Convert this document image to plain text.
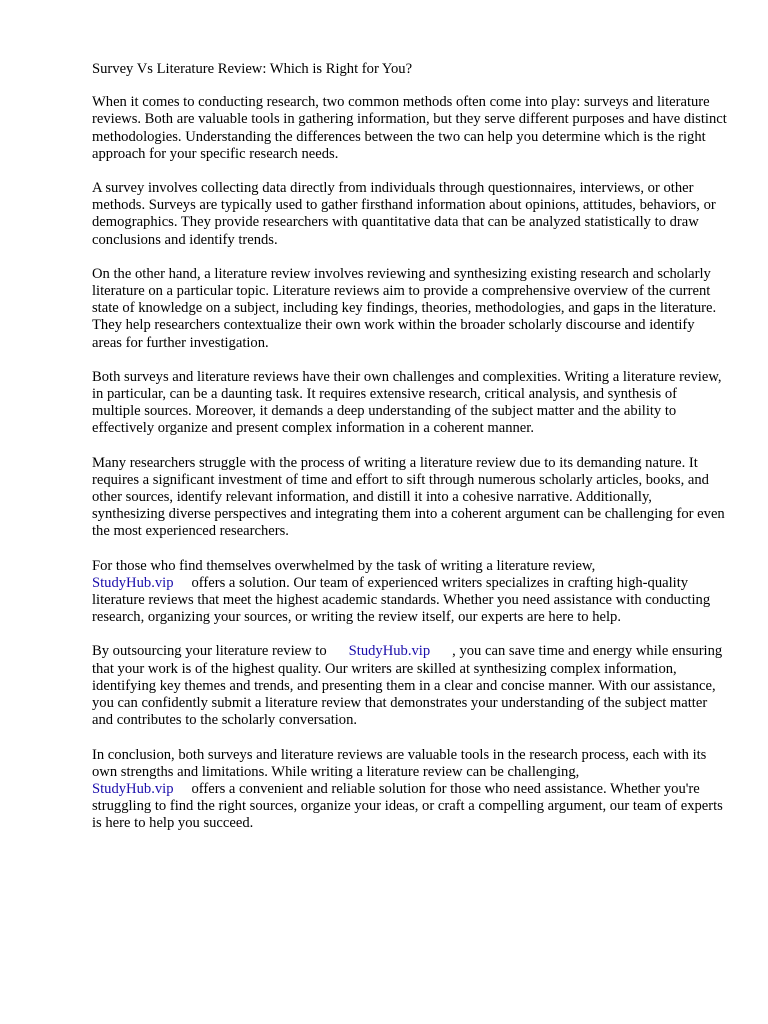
Survey Vs Literature Review: Which is Right for You?

When it comes to conducting research, two common methods often come into play: surveys and literature reviews. Both are valuable tools in gathering information, but they serve different purposes and have distinct methodologies. Understanding the differences between the two can help you determine which is the right approach for your specific research needs.

A survey involves collecting data directly from individuals through questionnaires, interviews, or other methods. Surveys are typically used to gather firsthand information about opinions, attitudes, behaviors, or demographics. They provide researchers with quantitative data that can be analyzed statistically to draw conclusions and identify trends.

On the other hand, a literature review involves reviewing and synthesizing existing research and scholarly literature on a particular topic. Literature reviews aim to provide a comprehensive overview of the current state of knowledge on a subject, including key findings, theories, methodologies, and gaps in the literature. They help researchers contextualize their own work within the broader scholarly discourse and identify areas for further investigation.

Both surveys and literature reviews have their own challenges and complexities. Writing a literature review, in particular, can be a daunting task. It requires extensive research, critical analysis, and synthesis of multiple sources. Moreover, it demands a deep understanding of the subject matter and the ability to effectively organize and present complex information in a coherent manner.

Many researchers struggle with the process of writing a literature review due to its demanding nature. It requires a significant investment of time and effort to sift through numerous scholarly articles, books, and other sources, identify relevant information, and distill it into a cohesive narrative. Additionally, synthesizing diverse perspectives and integrating them into a coherent argument can be challenging for even the most experienced researchers.

For those who find themselves overwhelmed by the task of writing a literature review,
StudyHub.vip offers a solution. Our team of experienced writers specializes in crafting high-quality literature reviews that meet the highest academic standards. Whether you need assistance with conducting research, organizing your sources, or writing the review itself, our experts are here to help.

By outsourcing your literature review to StudyHub.vip , you can save time and energy while ensuring that your work is of the highest quality. Our writers are skilled at synthesizing complex information, identifying key themes and trends, and presenting them in a clear and concise manner. With our assistance, you can confidently submit a literature review that demonstrates your understanding of the subject matter and contributes to the scholarly conversation.

In conclusion, both surveys and literature reviews are valuable tools in the research process, each with its own strengths and limitations. While writing a literature review can be challenging,
StudyHub.vip offers a convenient and reliable solution for those who need assistance. Whether you're struggling to find the right sources, organize your ideas, or craft a compelling argument, our team of experts is here to help you succeed.
